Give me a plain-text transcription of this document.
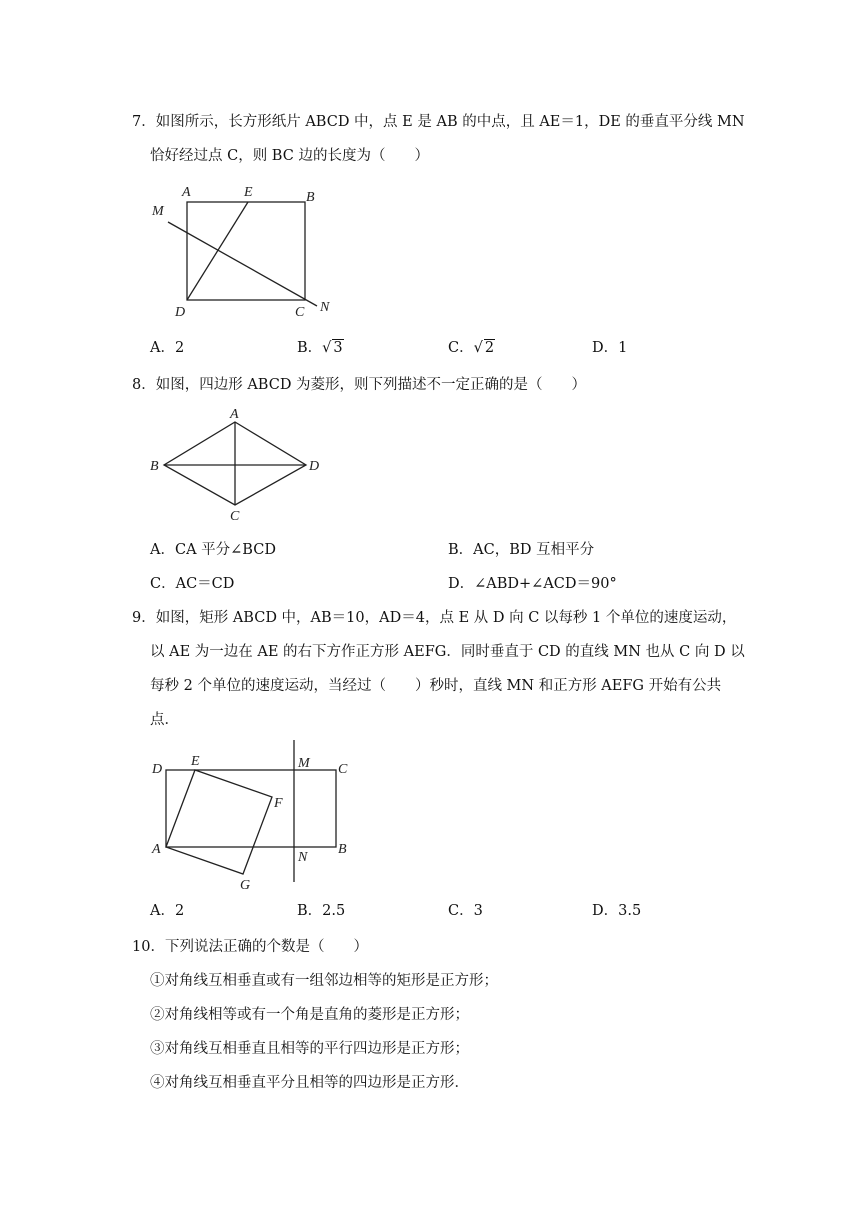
7．如图所示，长方形纸片 ABCD 中，点 E 是 AB 的中点，且 AE＝1，DE 的垂直平分线 MN
恰好经过点 C，则 BC 边的长度为（　　）
A	E	B
M
D	C N
A．2	B．√ 3	C．√ 2	D．1
8．如图，四边形 ABCD 为菱形，则下列描述不一定正确的是（　　）
A
B	D
C
A．CA 平分∠BCD	B．AC，BD 互相平分
C．AC＝CD	D．∠ABD+∠ACD＝90°
9．如图，矩形 ABCD 中，AB＝10，AD＝4，点 E 从 D 向 C 以每秒 1 个单位的速度运动，
以 AE 为一边在 AE 的右下方作正方形 AEFG．同时垂直于 CD 的直线 MN 也从 C 向 D 以
每秒 2 个单位的速度运动，当经过（　　）秒时，直线 MN 和正方形 AEFG 开始有公共
点．
D
E	M C
F
A
N
B
G
A．2	B．2.5	C．3	D．3.5
10．下列说法正确的个数是（　　）
①对角线互相垂直或有一组邻边相等的矩形是正方形；
②对角线相等或有一个角是直角的菱形是正方形；
③对角线互相垂直且相等的平行四边形是正方形；
④对角线互相垂直平分且相等的四边形是正方形．
